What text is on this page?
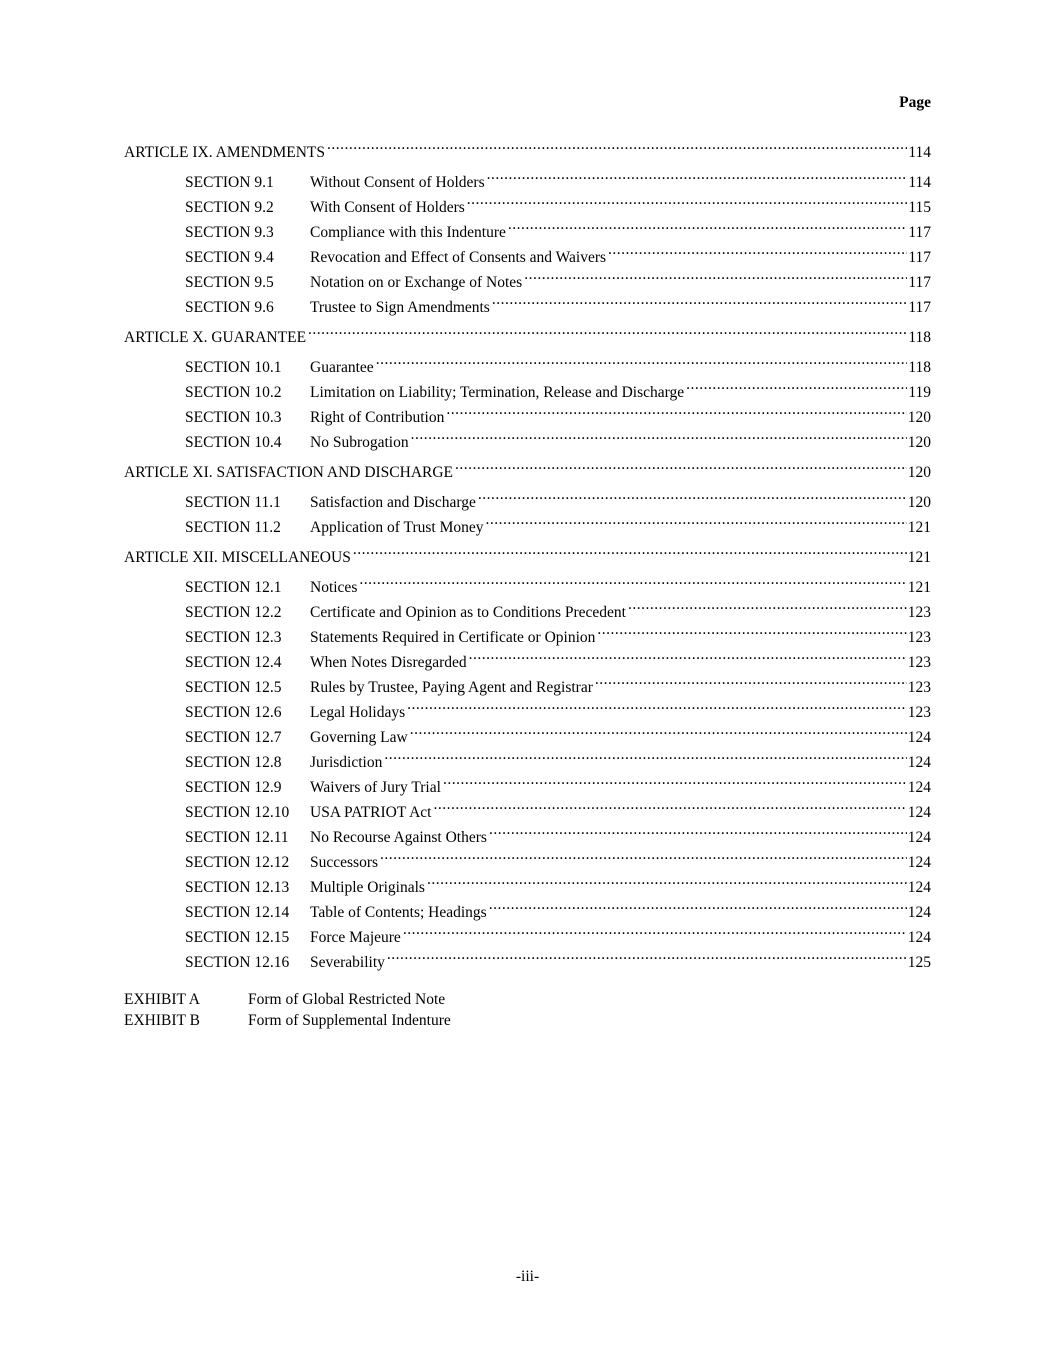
Page
ARTICLE IX. AMENDMENTS .....	114
SECTION 9.1	Without Consent of Holders .....	114
SECTION 9.2	With Consent of Holders .....	115
SECTION 9.3	Compliance with this Indenture .....	117
SECTION 9.4	Revocation and Effect of Consents and Waivers .....	117
SECTION 9.5	Notation on or Exchange of Notes .....	117
SECTION 9.6	Trustee to Sign Amendments .....	117
ARTICLE X. GUARANTEE .....	118
SECTION 10.1	Guarantee .....	118
SECTION 10.2	Limitation on Liability; Termination, Release and Discharge .....	119
SECTION 10.3	Right of Contribution .....	120
SECTION 10.4	No Subrogation .....	120
ARTICLE XI. SATISFACTION AND DISCHARGE .....	120
SECTION 11.1	Satisfaction and Discharge .....	120
SECTION 11.2	Application of Trust Money .....	121
ARTICLE XII. MISCELLANEOUS .....	121
SECTION 12.1	Notices .....	121
SECTION 12.2	Certificate and Opinion as to Conditions Precedent .....	123
SECTION 12.3	Statements Required in Certificate or Opinion .....	123
SECTION 12.4	When Notes Disregarded .....	123
SECTION 12.5	Rules by Trustee, Paying Agent and Registrar .....	123
SECTION 12.6	Legal Holidays .....	123
SECTION 12.7	Governing Law .....	124
SECTION 12.8	Jurisdiction .....	124
SECTION 12.9	Waivers of Jury Trial .....	124
SECTION 12.10	USA PATRIOT Act .....	124
SECTION 12.11	No Recourse Against Others .....	124
SECTION 12.12	Successors .....	124
SECTION 12.13	Multiple Originals .....	124
SECTION 12.14	Table of Contents; Headings .....	124
SECTION 12.15	Force Majeure .....	124
SECTION 12.16	Severability .....	125
EXHIBIT A	Form of Global Restricted Note
EXHIBIT B	Form of Supplemental Indenture
-iii-
